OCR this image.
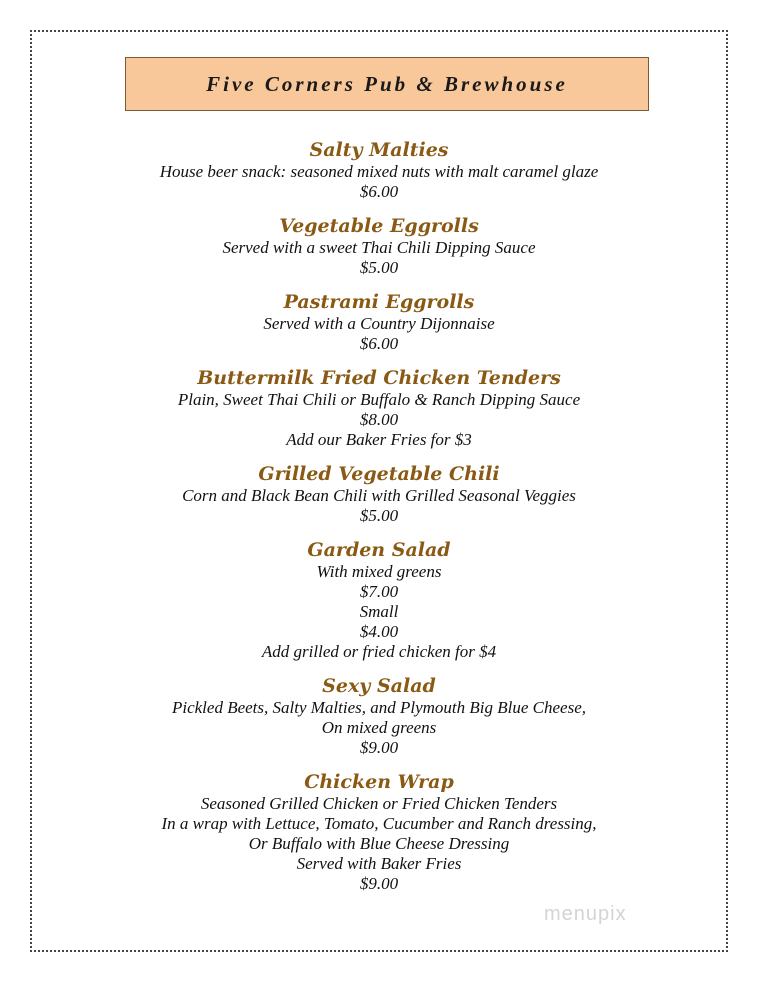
Five Corners Pub & Brewhouse
Salty Malties
House beer snack: seasoned mixed nuts with malt caramel glaze
$6.00
Vegetable Eggrolls
Served with a sweet Thai Chili Dipping Sauce
$5.00
Pastrami Eggrolls
Served with a Country Dijonnaise
$6.00
Buttermilk Fried Chicken Tenders
Plain, Sweet Thai Chili or Buffalo & Ranch Dipping Sauce
$8.00
Add our Baker Fries for $3
Grilled Vegetable Chili
Corn and Black Bean Chili with Grilled Seasonal Veggies
$5.00
Garden Salad
With mixed greens
$7.00
Small
$4.00
Add grilled or fried chicken for $4
Sexy Salad
Pickled Beets, Salty Malties, and Plymouth Big Blue Cheese,
On mixed greens
$9.00
Chicken Wrap
Seasoned Grilled Chicken or Fried Chicken Tenders
In a wrap with Lettuce, Tomato, Cucumber and Ranch dressing,
Or Buffalo with Blue Cheese Dressing
Served with Baker Fries
$9.00
menupix
